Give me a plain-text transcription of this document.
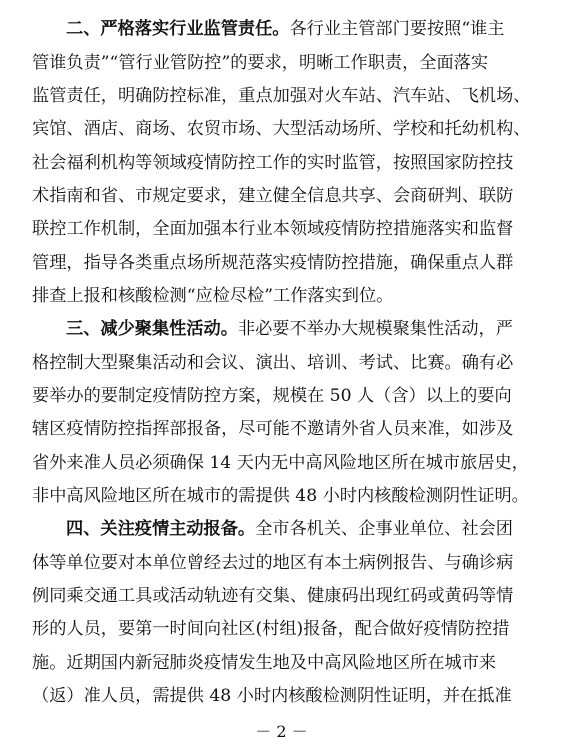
二、严格落实行业监管责任。各行业主管部门要按照“谁主
管谁负责”“管行业管防控”的要求，明晰工作职责，全面落实
监管责任，明确防控标准，重点加强对火车站、汽车站、飞机场、
宾馆、酒店、商场、农贸市场、大型活动场所、学校和托幼机构、
社会福利机构等领域疫情防控工作的实时监管，按照国家防控技
术指南和省、市规定要求，建立健全信息共享、会商研判、联防
联控工作机制，全面加强本行业本领域疫情防控措施落实和监督
管理，指导各类重点场所规范落实疫情防控措施，确保重点人群
排查上报和核酸检测“应检尽检”工作落实到位。
三、减少聚集性活动。非必要不举办大规模聚集性活动，严
格控制大型聚集活动和会议、演出、培训、考试、比赛。确有必
要举办的要制定疫情防控方案，规模在 50 人（含）以上的要向
辖区疫情防控指挥部报备，尽可能不邀请外省人员来准，如涉及
省外来准人员必须确保 14 天内无中高风险地区所在城市旅居史，
非中高风险地区所在城市的需提供 48 小时内核酸检测阴性证明。
四、关注疫情主动报备。全市各机关、企事业单位、社会团
体等单位要对本单位曾经去过的地区有本土病例报告、与确诊病
例同乘交通工具或活动轨迹有交集、健康码出现红码或黄码等情
形的人员，要第一时间向社区(村组)报备，配合做好疫情防控措
施。近期国内新冠肺炎疫情发生地及中高风险地区所在城市来
（返）准人员，需提供 48 小时内核酸检测阴性证明，并在抵准
－ 2 －
